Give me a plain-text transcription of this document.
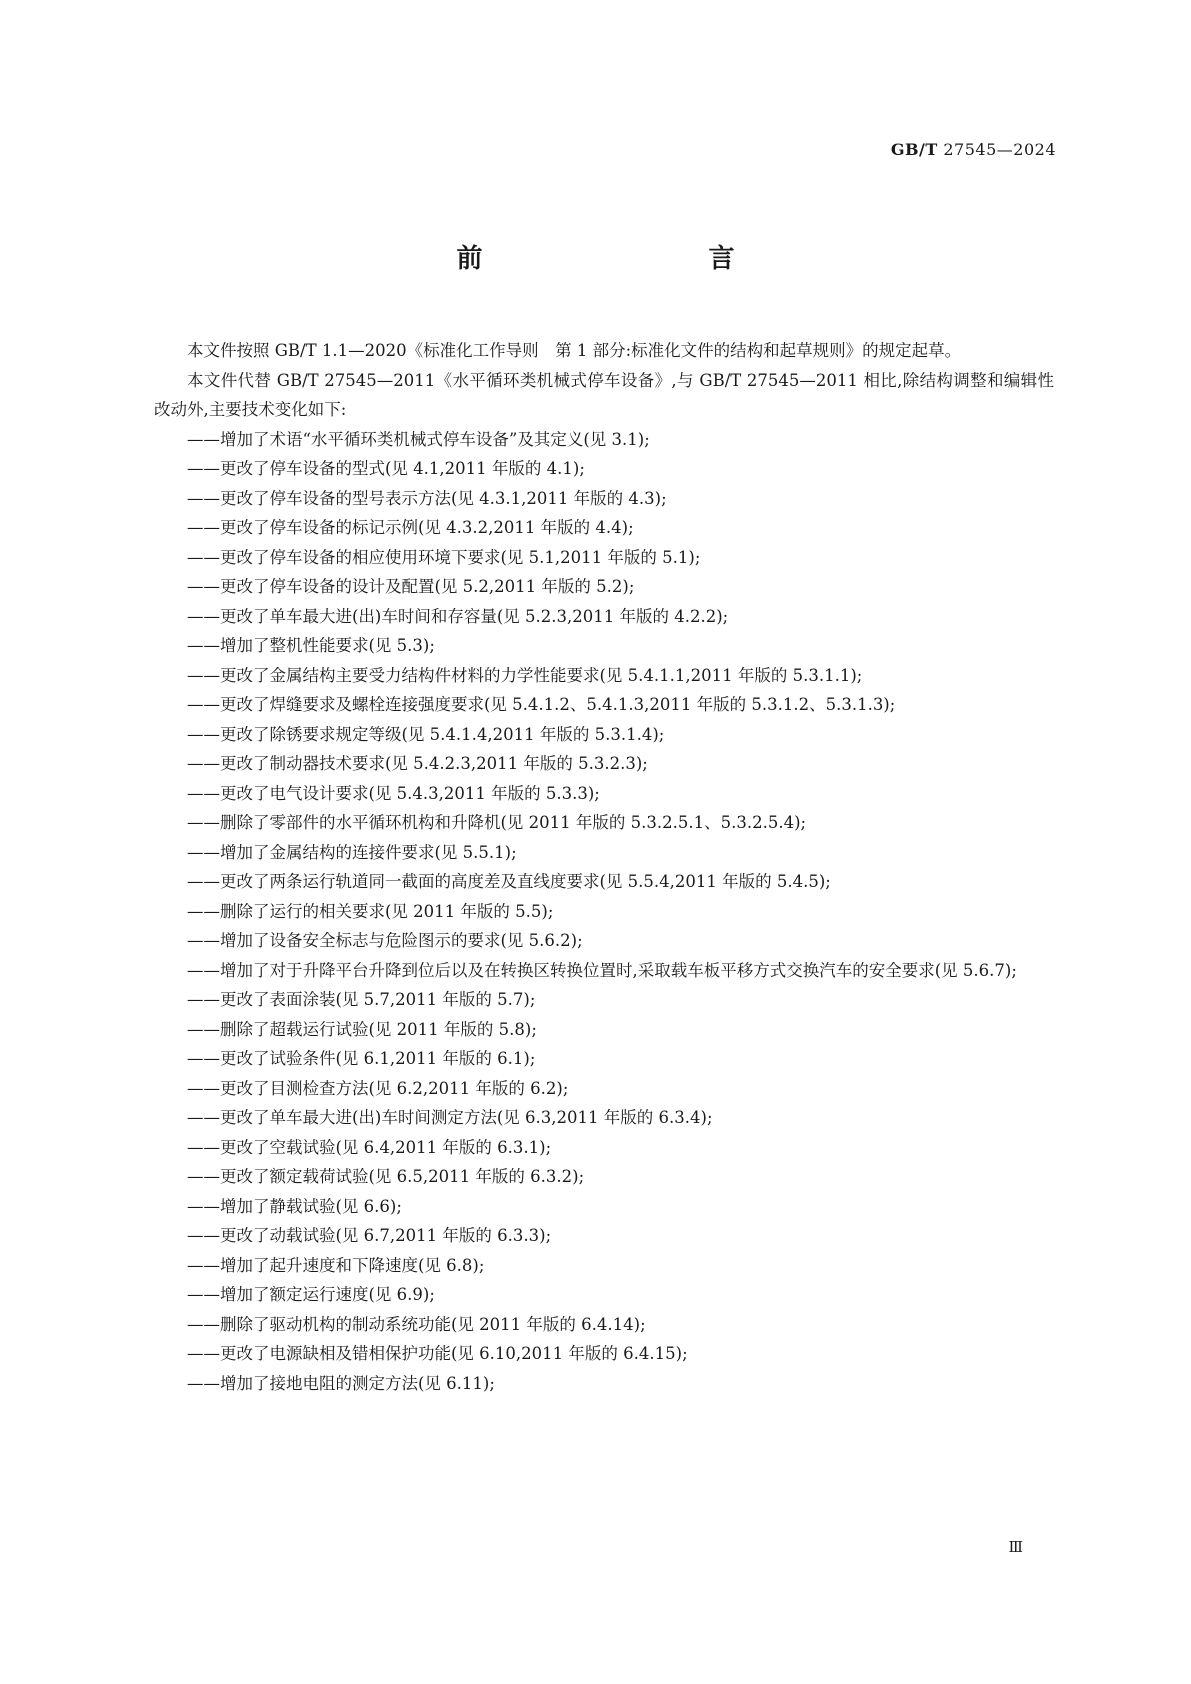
GB/T 27545—2024
前　　言

本文件按照 GB/T 1.1—2020《标准化工作导则　第 1 部分:标准化文件的结构和起草规则》的规定起草。

本文件代替 GB/T 27545—2011《水平循环类机械式停车设备》,与 GB/T 27545—2011 相比,除结构调整和编辑性改动外,主要技术变化如下:

——增加了术语“水平循环类机械式停车设备”及其定义(见 3.1);

——更改了停车设备的型式(见 4.1,2011 年版的 4.1);

——更改了停车设备的型号表示方法(见 4.3.1,2011 年版的 4.3);

——更改了停车设备的标记示例(见 4.3.2,2011 年版的 4.4);

——更改了停车设备的相应使用环境下要求(见 5.1,2011 年版的 5.1);

——更改了停车设备的设计及配置(见 5.2,2011 年版的 5.2);

——更改了单车最大进(出)车时间和存容量(见 5.2.3,2011 年版的 4.2.2);

——增加了整机性能要求(见 5.3);

——更改了金属结构主要受力结构件材料的力学性能要求(见 5.4.1.1,2011 年版的 5.3.1.1);

——更改了焊缝要求及螺栓连接强度要求(见 5.4.1.2、5.4.1.3,2011 年版的 5.3.1.2、5.3.1.3);

——更改了除锈要求规定等级(见 5.4.1.4,2011 年版的 5.3.1.4);

——更改了制动器技术要求(见 5.4.2.3,2011 年版的 5.3.2.3);

——更改了电气设计要求(见 5.4.3,2011 年版的 5.3.3);

——删除了零部件的水平循环机构和升降机(见 2011 年版的 5.3.2.5.1、5.3.2.5.4);

——增加了金属结构的连接件要求(见 5.5.1);

——更改了两条运行轨道同一截面的高度差及直线度要求(见 5.5.4,2011 年版的 5.4.5);

——删除了运行的相关要求(见 2011 年版的 5.5);

——增加了设备安全标志与危险图示的要求(见 5.6.2);

——增加了对于升降平台升降到位后以及在转换区转换位置时,采取载车板平移方式交换汽车的安全要求(见 5.6.7);

——更改了表面涂装(见 5.7,2011 年版的 5.7);

——删除了超载运行试验(见 2011 年版的 5.8);

——更改了试验条件(见 6.1,2011 年版的 6.1);

——更改了目测检查方法(见 6.2,2011 年版的 6.2);

——更改了单车最大进(出)车时间测定方法(见 6.3,2011 年版的 6.3.4);

——更改了空载试验(见 6.4,2011 年版的 6.3.1);

——更改了额定载荷试验(见 6.5,2011 年版的 6.3.2);

——增加了静载试验(见 6.6);

——更改了动载试验(见 6.7,2011 年版的 6.3.3);

——增加了起升速度和下降速度(见 6.8);

——增加了额定运行速度(见 6.9);

——删除了驱动机构的制动系统功能(见 2011 年版的 6.4.14);

——更改了电源缺相及错相保护功能(见 6.10,2011 年版的 6.4.15);

——增加了接地电阻的测定方法(见 6.11);

Ⅲ
